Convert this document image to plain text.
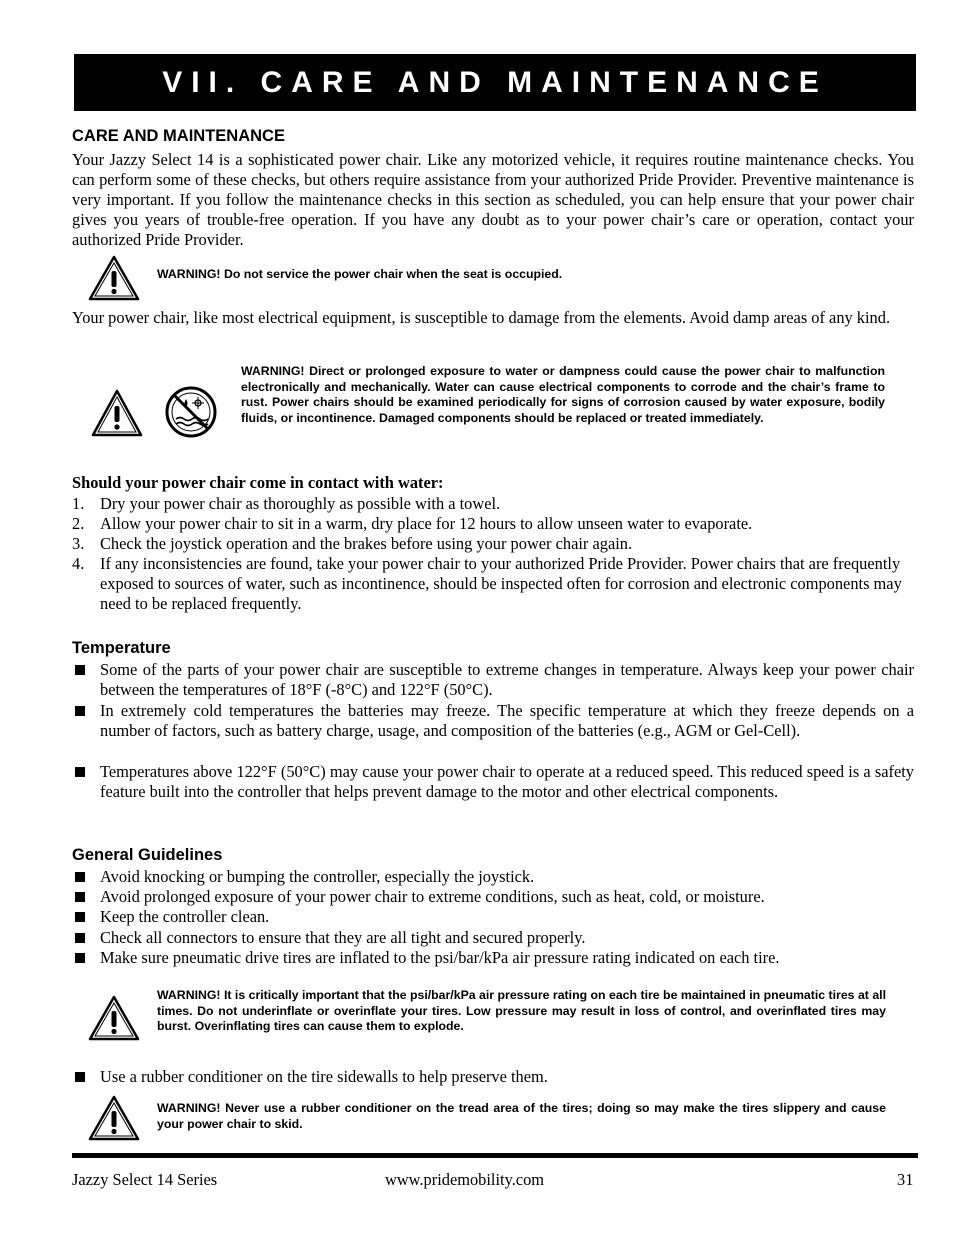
VII. CARE AND MAINTENANCE
CARE AND MAINTENANCE

Your Jazzy Select 14 is a sophisticated power chair. Like any motorized vehicle, it requires routine maintenance checks. You can perform some of these checks, but others require assistance from your authorized Pride Provider. Preventive maintenance is very important. If you follow the maintenance checks in this section as scheduled, you can help ensure that your power chair gives you years of trouble-free operation. If you have any doubt as to your power chair’s care or operation, contact your authorized Pride Provider.

WARNING! Do not service the power chair when the seat is occupied.

Your power chair, like most electrical equipment, is susceptible to damage from the elements. Avoid damp areas of any kind.

WARNING! Direct or prolonged exposure to water or dampness could cause the power chair to malfunction electronically and mechanically. Water can cause electrical components to corrode and the chair’s frame to rust. Power chairs should be examined periodically for signs of corrosion caused by water exposure, bodily fluids, or incontinence. Damaged components should be replaced or treated immediately.

Should your power chair come in contact with water:
1. Dry your power chair as thoroughly as possible with a towel.
2. Allow your power chair to sit in a warm, dry place for 12 hours to allow unseen water to evaporate.
3. Check the joystick operation and the brakes before using your power chair again.
4. If any inconsistencies are found, take your power chair to your authorized Pride Provider. Power chairs that are frequently exposed to sources of water, such as incontinence, should be inspected often for corrosion and electronic components may need to be replaced frequently.
Temperature
Some of the parts of your power chair are susceptible to extreme changes in temperature. Always keep your power chair between the temperatures of 18°F (-8°C) and 122°F (50°C).
In extremely cold temperatures the batteries may freeze. The specific temperature at which they freeze depends on a number of factors, such as battery charge, usage, and composition of the batteries (e.g., AGM or Gel-Cell).
Temperatures above 122°F (50°C) may cause your power chair to operate at a reduced speed. This reduced speed is a safety feature built into the controller that helps prevent damage to the motor and other electrical components.
General Guidelines
Avoid knocking or bumping the controller, especially the joystick.
Avoid prolonged exposure of your power chair to extreme conditions, such as heat, cold, or moisture.
Keep the controller clean.
Check all connectors to ensure that they are all tight and secured properly.
Make sure pneumatic drive tires are inflated to the psi/bar/kPa air pressure rating indicated on each tire.

WARNING! It is critically important that the psi/bar/kPa air pressure rating on each tire be maintained in pneumatic tires at all times. Do not underinflate or overinflate your tires. Low pressure may result in loss of control, and overinflated tires may burst. Overinflating tires can cause them to explode.

Use a rubber conditioner on the tire sidewalls to help preserve them.

WARNING! Never use a rubber conditioner on the tread area of the tires; doing so may make the tires slippery and cause your power chair to skid.

Jazzy Select 14 Series	www.pridemobility.com	31
